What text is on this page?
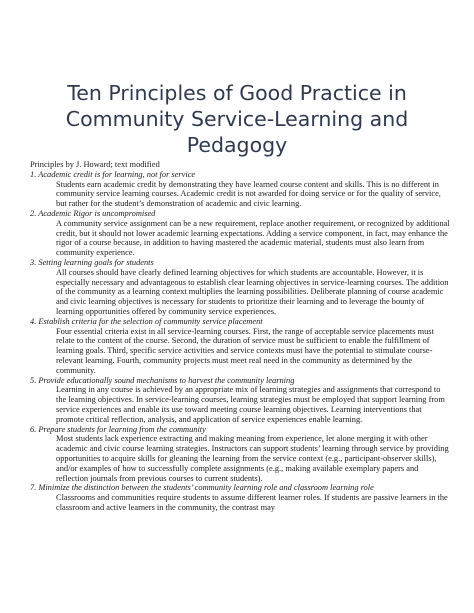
Ten Principles of Good Practice in
Community Service-Learning and
Pedagogy

Principles by J. Howard; text modified

1. Academic credit is for learning, not for service

Students earn academic credit by demonstrating they have learned course content and skills. This is no different in community service learning courses. Academic credit is not awarded for doing service or for the quality of service, but rather for the student’s demonstration of academic and civic learning.

2. Academic Rigor is uncompromised

A community service assignment can be a new requirement, replace another requirement, or recognized by additional credit, but it should not lower academic learning expectations. Adding a service component, in fact, may enhance the rigor of a course because, in addition to having mastered the academic material, students must also learn from community experience.

3. Setting learning goals for students

All courses should have clearly defined learning objectives for which students are accountable. However, it is especially necessary and advantageous to establish clear learning objectives in service-learning courses. The addition of the community as a learning context multiplies the learning possibilities. Deliberate planning of course academic and civic learning objectives is necessary for students to prioritize their learning and to leverage the bounty of learning opportunities offered by community service experiences.

4. Establish criteria for the selection of community service placement

Four essential criteria exist in all service-learning courses. First, the range of acceptable service placements must relate to the content of the course. Second, the duration of service must be sufficient to enable the fulfillment of learning goals. Third, specific service activities and service contexts must have the potential to stimulate course-relevant learning. Fourth, community projects must meet real need in the community as determined by the community.

5. Provide educationally sound mechanisms to harvest the community learning

Learning in any course is achieved by an appropriate mix of learning strategies and assignments that correspond to the learning objectives. In service-learning courses, learning strategies must be employed that support learning from service experiences and enable its use toward meeting course learning objectives. Learning interventions that promote critical reflection, analysis, and application of service experiences enable learning.

6. Prepare students for learning from the community

Most students lack experience extracting and making meaning from experience, let alone merging it with other academic and civic course learning strategies. Instructors can support students’ learning through service by providing opportunities to acquire skills for gleaning the learning from the service context (e.g., participant-observer skills), and/or examples of how to successfully complete assignments (e.g., making available exemplary papers and reflection journals from previous courses to current students).

7. Minimize the distinction between the students’ community learning role and classroom learning role

Classrooms and communities require students to assume different learner roles. If students are passive learners in the classroom and active learners in the community, the contrast may
